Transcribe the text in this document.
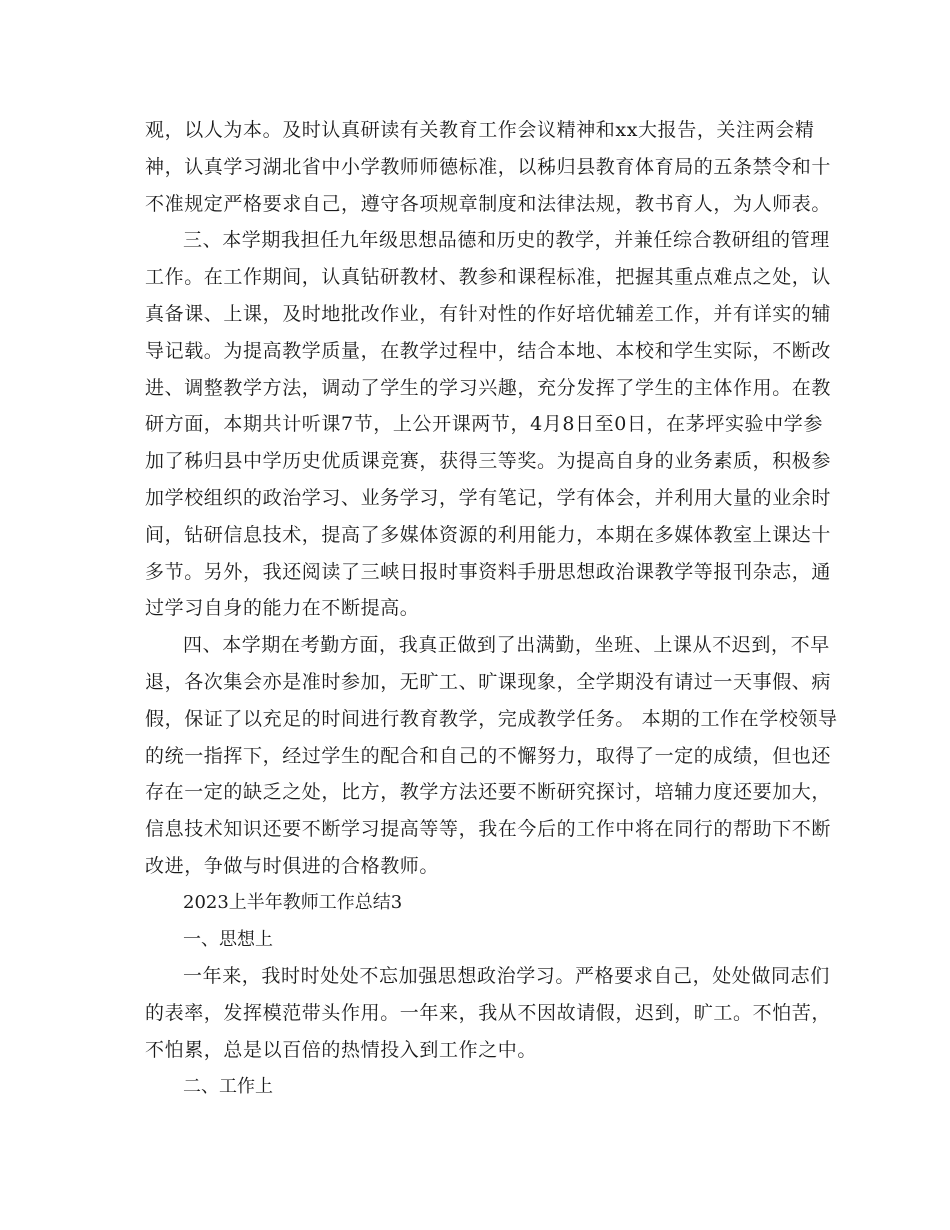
观，以人为本。及时认真研读有关教育工作会议精神和xx大报告，关注两会精
神，认真学习湖北省中小学教师师德标准，以秭归县教育体育局的五条禁令和十
不准规定严格要求自己，遵守各项规章制度和法律法规，教书育人，为人师表。

三、本学期我担任九年级思想品德和历史的教学，并兼任综合教研组的管理
工作。在工作期间，认真钻研教材、教参和课程标准，把握其重点难点之处，认
真备课、上课，及时地批改作业，有针对性的作好培优辅差工作，并有详实的辅
导记载。为提高教学质量，在教学过程中，结合本地、本校和学生实际，不断改
进、调整教学方法，调动了学生的学习兴趣，充分发挥了学生的主体作用。在教
研方面，本期共计听课7节，上公开课两节，4月8日至0日，在茅坪实验中学参
加了秭归县中学历史优质课竞赛，获得三等奖。为提高自身的业务素质，积极参
加学校组织的政治学习、业务学习，学有笔记，学有体会，并利用大量的业余时
间，钻研信息技术，提高了多媒体资源的利用能力，本期在多媒体教室上课达十
多节。另外，我还阅读了三峡日报时事资料手册思想政治课教学等报刊杂志，通
过学习自身的能力在不断提高。

四、本学期在考勤方面，我真正做到了出满勤，坐班、上课从不迟到，不早
退，各次集会亦是准时参加，无旷工、旷课现象，全学期没有请过一天事假、病
假，保证了以充足的时间进行教育教学，完成教学任务。 本期的工作在学校领导
的统一指挥下，经过学生的配合和自己的不懈努力，取得了一定的成绩，但也还
存在一定的缺乏之处，比方，教学方法还要不断研究探讨，培辅力度还要加大，
信息技术知识还要不断学习提高等等，我在今后的工作中将在同行的帮助下不断
改进，争做与时俱进的合格教师。

2023上半年教师工作总结3

一、思想上

一年来，我时时处处不忘加强思想政治学习。严格要求自己，处处做同志们
的表率，发挥模范带头作用。一年来，我从不因故请假，迟到，旷工。不怕苦，
不怕累，总是以百倍的热情投入到工作之中。

二、工作上
